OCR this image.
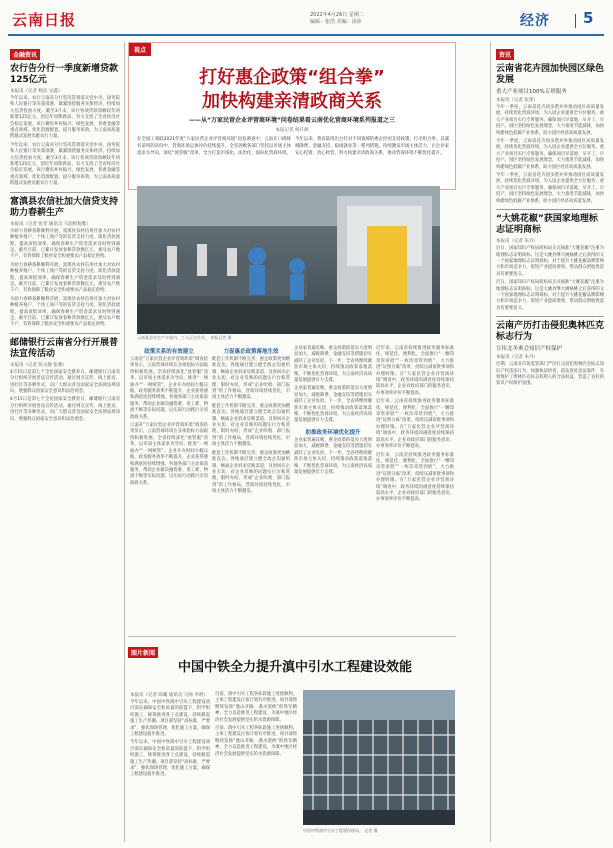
云南日报	2022年4月26日 星期二
编辑：张浩 美编：汤沛	经济 5
金融资讯
农行告分行一季度新增贷款125亿元
本报讯（记者 杨洁 吴鑫）
今年以来，农行云南省分行坚决贯彻落实党中央、国务院和人民银行等决策部署，紧紧围绕服务实体经济，持续加大信贷投放力度。截至3月末，该行各项贷款余额较年初新增125亿元，创近年同期新高，有力支持了全省经济社会稳定发展。该行聚焦乡村振兴、绿色发展、普惠金融等重点领域，优化资源配置，提升服务质效，为云南高质量跨越式发展贡献农行力量。
今年以来，农行云南省分行坚决贯彻落实党中央、国务院和人民银行等决策部署，紧紧围绕服务实体经济，持续加大信贷投放力度。截至3月末，该行各项贷款余额较年初新增125亿元，创近年同期新高，有力支持了全省经济社会稳定发展。该行聚焦乡村振兴、绿色发展、普惠金融等重点领域，优化资源配置，提升服务质效，为云南高质量跨越式发展贡献农行力量。
富滇县农信社加大信贷支持助力春耕生产
本报讯（记者 张雯 通讯员 马超梅倪雅）
为助力春耕备耕顺利开展，富滇县农村信用社加大对农村种植养殖户、个体工商户等的信贷支持力度，简化贷款流程，提高审批效率，确保春耕生产资金需求及时得到满足。截至目前，已累计发放春耕贷款数亿元，惠及农户数千户，有效保障了粮食安全和重要农产品稳定供给。
为助力春耕备耕顺利开展，富滇县农村信用社加大对农村种植养殖户、个体工商户等的信贷支持力度，简化贷款流程，提高审批效率，确保春耕生产资金需求及时得到满足。截至目前，已累计发放春耕贷款数亿元，惠及农户数千户，有效保障了粮食安全和重要农产品稳定供给。
为助力春耕备耕顺利开展，富滇县农村信用社加大对农村种植养殖户、个体工商户等的信贷支持力度，简化贷款流程，提高审批效率，确保春耕生产资金需求及时得到满足。截至目前，已累计发放春耕贷款数亿元，惠及农户数千户，有效保障了粮食安全和重要农产品稳定供给。
邮储银行云南省分行开展普法宣传活动
本报讯（记者 陈文静 张雅）
4月15日是第七个全民国家安全教育日，邮储银行云南省分行组织开展普法宣传活动，通过网点宣传、线上推送、进社区等多种形式，向广大群众普及国家安全法律法规知识，增强群众国家安全意识和法治观念。
4月15日是第七个全民国家安全教育日，邮储银行云南省分行组织开展普法宣传活动，通过网点宣传、线上推送、进社区等多种形式，向广大群众普及国家安全法律法规知识，增强群众国家安全意识和法治观念。
视点
打好惠企政策“组合拳”
加快构建亲清政商关系
——从“万家民营企业评营商环境”问卷结果看云南优化营商环境系列报道之三
本报记者 杨仟洲
在全国工商联2021年度“万家民营企业评营商环境”问卷调查中，云南在口碑排名前列的省份中，营商环境总体评价持续提升。全省各级各部门坚持以市场主体需求为导向，深化“放管服”改革，全力打造市场化、法治化、国际化营商环境。
今年以来，我省陆续出台针对不同领域的惠企纾困支持政策，打出组合拳，以减税降费、金融支持、稳岗就业等一系列措施，持续激发市场主体活力，让企业家安心投资、放心经营，努力构建亲清政商关系，推动营商环境不断优化提升。
云南某企业生产车间内，工人正在作业。 本报记者 摄
政策关系的有效建立
云南省“万家民营企业评营商环境”调查结果显示，云南营商环境在多项指标方面取得积极进展。全省持续深化“放管服”改革，以市场主体需求为导向，推进“一网通办”“一网统管”，企业开办时间大幅压缩，政务服务效率不断提升，企业获得感和满意度持续增强。各地各部门主动靠前服务，帮助企业解决融资难、用工难、物流不畅等实际问题，以实际行动践行亲清政商关系。
云南省“万家民营企业评营商环境”调查结果显示，云南营商环境在多项指标方面取得积极进展。全省持续深化“放管服”改革，以市场主体需求为导向，推进“一网通办”“一网统管”，企业开办时间大幅压缩，政务服务效率不断提升，企业获得感和满意度持续增强。各地各部门主动靠前服务，帮助企业解决融资难、用工难、物流不畅等实际问题，以实际行动践行亲清政商关系。
力促惠企政策落地生效
配套工作机制不断完善，惠企政策更加精准直达。各地通过建立健全政企沟通机制，畅通企业诉求反映渠道，及时回应企业关切，对企业反映的问题实行台账管理、限时办结，形成“企业吹哨、部门报到”的工作格局，营商环境持续优化，市场主体活力不断激发。
配套工作机制不断完善，惠企政策更加精准直达。各地通过建立健全政企沟通机制，畅通企业诉求反映渠道，及时回应企业关切，对企业反映的问题实行台账管理、限时办结，形成“企业吹哨、部门报到”的工作格局，营商环境持续优化，市场主体活力不断激发。
配套工作机制不断完善，惠企政策更加精准直达。各地通过建立健全政企沟通机制，畅通企业诉求反映渠道，及时回应企业关切，对企业反映的问题实行台账管理、限时办结，形成“企业吹哨、部门报到”的工作格局，营商环境持续优化，市场主体活力不断激发。
企业家普遍反映，惠企政策的落实力度明显加大，减税降费、金融支持等措施切实减轻了企业负担。下一步，全省将继续聚焦市场主体关切，持续推动政策落地落细，不断优化营商环境，为云南经济高质量发展提供有力支撑。
企业家普遍反映，惠企政策的落实力度明显加大，减税降费、金融支持等措施切实减轻了企业负担。下一步，全省将继续聚焦市场主体关切，持续推动政策落地落细，不断优化营商环境，为云南经济高质量发展提供有力支撑。
助推政务环境优化提升
企业家普遍反映，惠企政策的落实力度明显加大，减税降费、金融支持等措施切实减轻了企业负担。下一步，全省将继续聚焦市场主体关切，持续推动政策落地落细，不断优化营商环境，为云南经济高质量发展提供有力支撑。
近年来，云南省持续推进政务服务标准化、规范化、便利化，全面推行“一颗印章管审批”“一枚印章管到底”，大力推进“证照分离”改革，持续压减审批事项和办理时限。在“万家民营企业评营商环境”调查中，政务环境的满意度持续保持较高水平，企业对政府部门的服务意识、办事效率评价不断提高。
近年来，云南省持续推进政务服务标准化、规范化、便利化，全面推行“一颗印章管审批”“一枚印章管到底”，大力推进“证照分离”改革，持续压减审批事项和办理时限。在“万家民营企业评营商环境”调查中，政务环境的满意度持续保持较高水平，企业对政府部门的服务意识、办事效率评价不断提高。
近年来，云南省持续推进政务服务标准化、规范化、便利化，全面推行“一颗印章管审批”“一枚印章管到底”，大力推进“证照分离”改革，持续压减审批事项和办理时限。在“万家民营企业评营商环境”调查中，政务环境的满意度持续保持较高水平，企业对政府部门的服务意识、办事效率评价不断提高。
图片新闻
中国中铁全力提升滇中引水工程建设效能
本报讯（记者 陈曦 通讯员 马帅 李明）
今年以来，中国中铁滇中引水工程建设项目部在确保安全和质量的前提下，科学组织施工，统筹推进各工点建设，持续掀起施工生产热潮。项目部坚持“高标准、严要求”，强化现场管理，优化施工方案，确保工程建设稳步推进。
今年以来，中国中铁滇中引水工程建设项目部在确保安全和质量的前提下，科学组织施工，统筹推进各工点建设，持续掀起施工生产热潮。项目部坚持“高标准、严要求”，强化现场管理，优化施工方案，确保工程建设稳步推进。
目前，滇中引水工程各标段施工进展顺利，主体工程建设正按计划有序推进。项目部将继续发扬“逢山开路、遇水架桥”的铁军精神，全力以赴推进工程建设，为滇中地区经济社会发展提供坚实的水资源保障。
目前，滇中引水工程各标段施工进展顺利，主体工程建设正按计划有序推进。项目部将继续发扬“逢山开路、遇水架桥”的铁军精神，全力以赴推进工程建设，为滇中地区经济社会发展提供坚实的水资源保障。
中国中铁滇中引水工程建设现场。 记者 摄
资讯
云南省花卉园加快园区绿色发展
重大产业项目100%专班服务
本报讯（记者 张雯）
今年一季度，云南省花卉园多措并举推动园区高质量发展，持续优化营商环境，为入园企业提供全方位服务。重大产业项目实行专班服务，确保项目早落地、早开工、早投产。园区坚持绿色发展理念，大力推进节能减排，加快构建绿色低碳产业体系，助力园区经济高质量发展。
今年一季度，云南省花卉园多措并举推动园区高质量发展，持续优化营商环境，为入园企业提供全方位服务。重大产业项目实行专班服务，确保项目早落地、早开工、早投产。园区坚持绿色发展理念，大力推进节能减排，加快构建绿色低碳产业体系，助力园区经济高质量发展。
今年一季度，云南省花卉园多措并举推动园区高质量发展，持续优化营商环境，为入园企业提供全方位服务。重大产业项目实行专班服务，确保项目早落地、早开工、早投产。园区坚持绿色发展理念，大力推进节能减排，加快构建绿色低碳产业体系，助力园区经济高质量发展。
“大姚花椒”获国家地理标志证明商标
本报讯（记者 朱丹）
近日，国家知识产权局商标局正式核准“大姚花椒”注册为地理标志证明商标。这是大姚县继大姚核桃之后获得的又一个国家地理标志证明商标，对于提升大姚花椒品牌影响力和市场竞争力，促进产业提质增效、带动群众增收致富具有重要意义。
近日，国家知识产权局商标局正式核准“大姚花椒”注册为地理标志证明商标。这是大姚县继大姚核桃之后获得的又一个国家地理标志证明商标，对于提升大姚花椒品牌影响力和市场竞争力，促进产业提质增效、带动群众增收致富具有重要意义。
云南产历打击侵犯奥林匹克标志行为
宣传北冬奥会知识产权保护
本报讯（记者 朱丹）
近期，云南省市场监管部门严厉打击侵犯奥林匹克标志知识产权违法行为，加强执法检查，依法查处违法案件，有效维护了奥林匹克标志权利人的合法权益，营造了良好的知识产权保护氛围。
